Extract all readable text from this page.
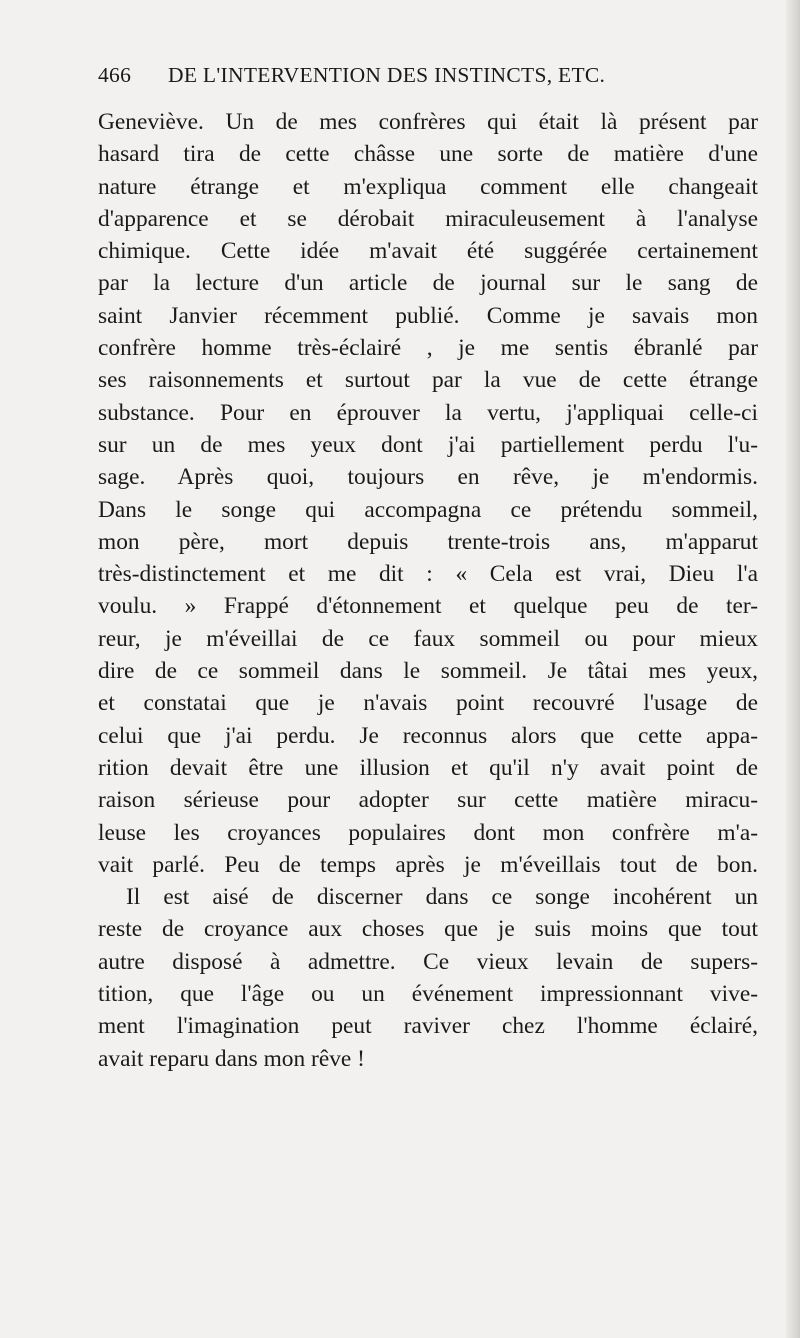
466 DE L'INTERVENTION DES INSTINCTS, ETC.
Geneviève. Un de mes confrères qui était là présent par
hasard tira de cette châsse une sorte de matière d'une
nature étrange et m'expliqua comment elle changeait
d'apparence et se dérobait miraculeusement à l'analyse
chimique. Cette idée m'avait été suggérée certainement
par la lecture d'un article de journal sur le sang de
saint Janvier récemment publié. Comme je savais mon
confrère homme très-éclairé , je me sentis ébranlé par
ses raisonnements et surtout par la vue de cette étrange
substance. Pour en éprouver la vertu, j'appliquai celle-ci
sur un de mes yeux dont j'ai partiellement perdu l'u-
sage. Après quoi, toujours en rêve, je m'endormis.
Dans le songe qui accompagna ce prétendu sommeil,
mon père, mort depuis trente-trois ans, m'apparut
très-distinctement et me dit : « Cela est vrai, Dieu l'a
voulu. » Frappé d'étonnement et quelque peu de ter-
reur, je m'éveillai de ce faux sommeil ou pour mieux
dire de ce sommeil dans le sommeil. Je tâtai mes yeux,
et constatai que je n'avais point recouvré l'usage de
celui que j'ai perdu. Je reconnus alors que cette appa-
rition devait être une illusion et qu'il n'y avait point de
raison sérieuse pour adopter sur cette matière miracu-
leuse les croyances populaires dont mon confrère m'a-
vait parlé. Peu de temps après je m'éveillais tout de bon.
Il est aisé de discerner dans ce songe incohérent un
reste de croyance aux choses que je suis moins que tout
autre disposé à admettre. Ce vieux levain de supers-
tition, que l'âge ou un événement impressionnant vive-
ment l'imagination peut raviver chez l'homme éclairé,
avait reparu dans mon rêve !
